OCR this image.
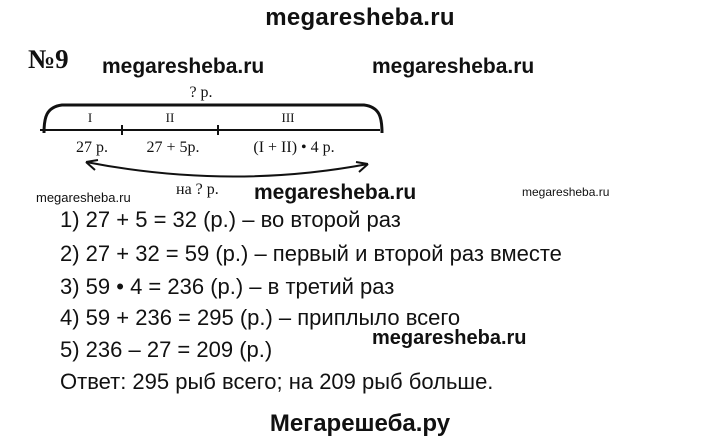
megaresheba.ru
№9 megaresheba.ru	megaresheba.ru
? р.
I	II	III
27 р. 27 + 5р.	(I + II) • 4 р.
на ? р.
megaresheba.ru	megaresheba.ru	megaresheba.ru
1) 27 + 5 = 32 (р.) – во второй раз
2) 27 + 32 = 59 (р.) – первый и второй раз вместе
3) 59 • 4 = 236 (р.) – в третий раз
4) 59 + 236 = 295 (р.) – приплыло всего
5) 236 – 27 = 209 (р.)
Ответ: 295 рыб всего; на 209 рыб больше.
megaresheba.ru
Мегарешеба.ру
